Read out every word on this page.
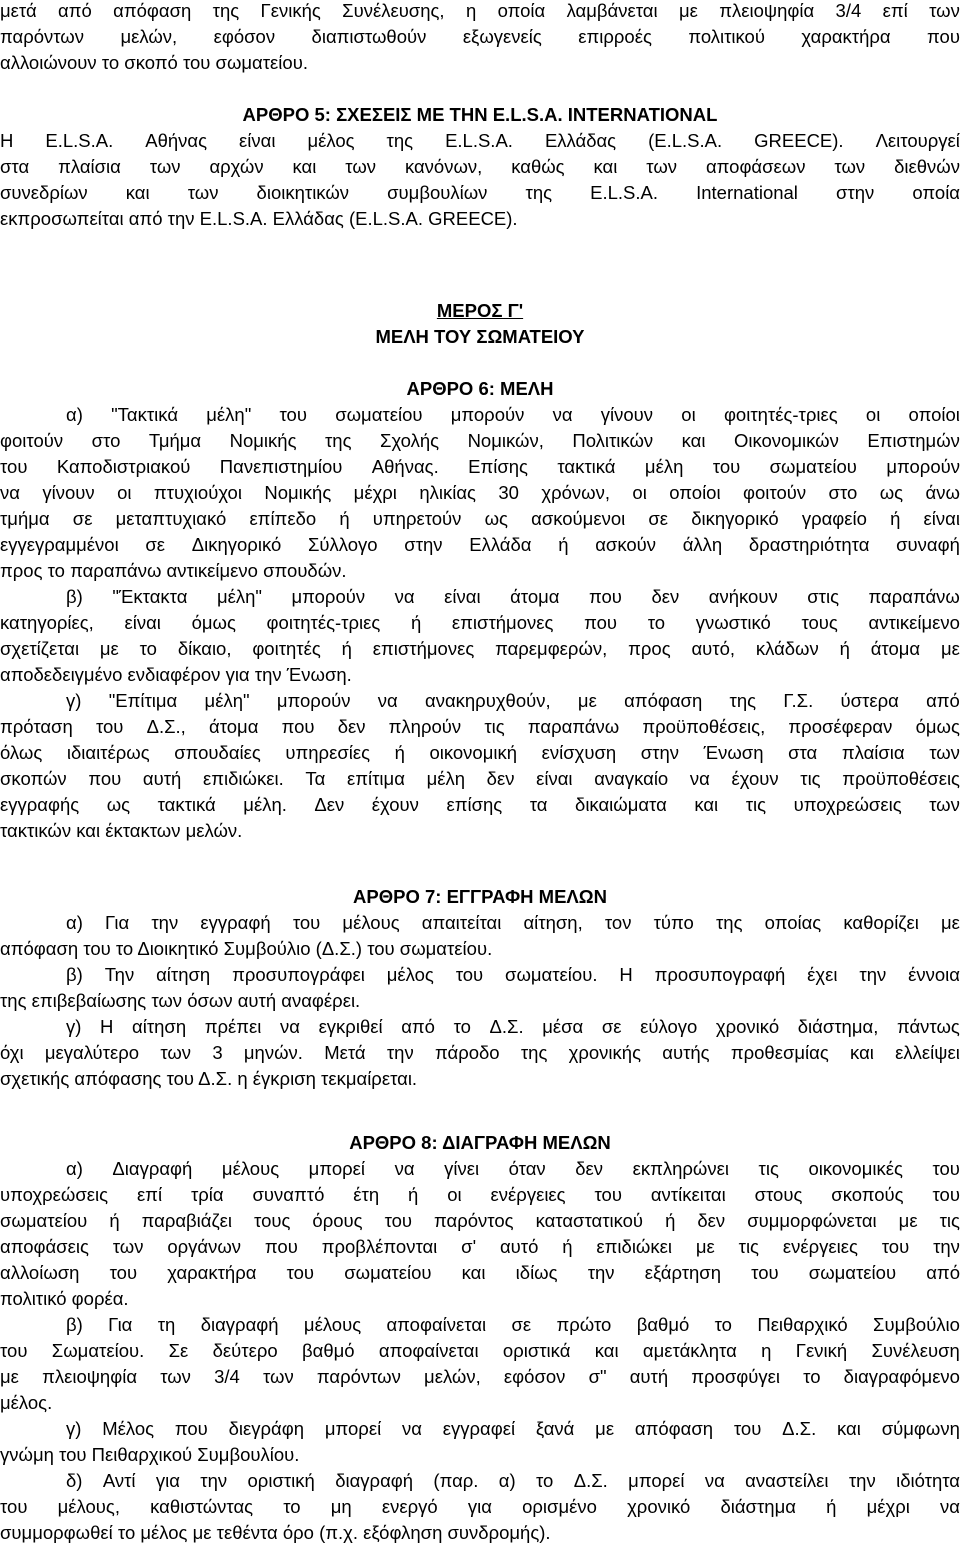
μετά από απόφαση της Γενικής Συνέλευσης, η οποία λαμβάνεται με πλειοψηφία 3/4 επί των
παρόντων μελών, εφόσον διαπιστωθούν εξωγενείς επιρροές πολιτικού χαρακτήρα που
αλλοιώνουν το σκοπό του σωματείου.
ΑΡΘΡΟ 5: ΣΧΕΣΕΙΣ ΜΕ ΤΗΝ E.L.S.A. INTERNATIONAL
Η E.L.S.A. Αθήνας είναι μέλος της E.L.S.A. Ελλάδας (E.L.S.A. GREECE). Λειτουργεί
στα πλαίσια των αρχών και των κανόνων, καθώς και των αποφάσεων των διεθνών
συνεδρίων και των διοικητικών συμβουλίων της E.L.S.A. International στην οποία
εκπροσωπείται από την E.L.S.A. Ελλάδας (E.L.S.A. GREECE).
ΜΕΡΟΣ Γ'
ΜΕΛΗ ΤΟΥ ΣΩΜΑΤΕΙΟΥ
ΑΡΘΡΟ 6: ΜΕΛΗ
α) "Τακτικά μέλη" του σωματείου μπορούν να γίνουν οι φοιτητές-τριες οι οποίοι
φοιτούν στο Τμήμα Νομικής της Σχολής Νομικών, Πολιτικών και Οικονομικών Επιστημών
του Καποδιστριακού Πανεπιστημίου Αθήνας. Επίσης τακτικά μέλη του σωματείου μπορούν
να γίνουν οι πτυχιούχοι Νομικής μέχρι ηλικίας 30 χρόνων, οι οποίοι φοιτούν στο ως άνω
τμήμα σε μεταπτυχιακό επίπεδο ή υπηρετούν ως ασκούμενοι σε δικηγορικό γραφείο ή είναι
εγγεγραμμένοι σε Δικηγορικό Σύλλογο στην Ελλάδα ή ασκούν άλλη δραστηριότητα συναφή
προς το παραπάνω αντικείμενο σπουδών.
β) "Έκτακτα μέλη" μπορούν να είναι άτομα που δεν ανήκουν στις παραπάνω
κατηγορίες, είναι όμως φοιτητές-τριες ή επιστήμονες που το γνωστικό τους αντικείμενο
σχετίζεται με το δίκαιο, φοιτητές ή επιστήμονες παρεμφερών, προς αυτό, κλάδων ή άτομα με
αποδεδειγμένο ενδιαφέρον για την Ένωση.
γ) "Επίτιμα μέλη" μπορούν να ανακηρυχθούν, με απόφαση της Γ.Σ. ύστερα από
πρόταση του Δ.Σ., άτομα που δεν πληρούν τις παραπάνω προϋποθέσεις, προσέφεραν όμως
όλως ιδιαιτέρως σπουδαίες υπηρεσίες ή οικονομική ενίσχυση στην Ένωση στα πλαίσια των
σκοπών που αυτή επιδιώκει. Τα επίτιμα μέλη δεν είναι αναγκαίο να έχουν τις προϋποθέσεις
εγγραφής ως τακτικά μέλη. Δεν έχουν επίσης τα δικαιώματα και τις υποχρεώσεις των
τακτικών και έκτακτων μελών.
ΑΡΘΡΟ 7: ΕΓΓΡΑΦΗ ΜΕΛΩΝ
α) Για την εγγραφή του μέλους απαιτείται αίτηση, τον τύπο της οποίας καθορίζει με
απόφαση του το Διοικητικό Συμβούλιο (Δ.Σ.) του σωματείου.
β) Την αίτηση προσυπογράφει μέλος του σωματείου. Η προσυπογραφή έχει την έννοια
της επιβεβαίωσης των όσων αυτή αναφέρει.
γ) Η αίτηση πρέπει να εγκριθεί από το Δ.Σ. μέσα σε εύλογο χρονικό διάστημα, πάντως
όχι μεγαλύτερο των 3 μηνών. Μετά την πάροδο της χρονικής αυτής προθεσμίας και ελλείψει
σχετικής απόφασης του Δ.Σ. η έγκριση τεκμαίρεται.
ΑΡΘΡΟ 8: ΔΙΑΓΡΑΦΗ ΜΕΛΩΝ
α) Διαγραφή μέλους μπορεί να γίνει όταν δεν εκπληρώνει τις οικονομικές του
υποχρεώσεις επί τρία συναπτό έτη ή οι ενέργειες του αντίκειται στους σκοπούς του
σωματείου ή παραβιάζει τους όρους του παρόντος καταστατικού ή δεν συμμορφώνεται με τις
αποφάσεις των οργάνων που προβλέπονται σ' αυτό ή επιδιώκει με τις ενέργειες του την
αλλοίωση του χαρακτήρα του σωματείου και ιδίως την εξάρτηση του σωματείου από
πολιτικό φορέα.
β) Για τη διαγραφή μέλους αποφαίνεται σε πρώτο βαθμό το Πειθαρχικό Συμβούλιο
του Σωματείου. Σε δεύτερο βαθμό αποφαίνεται οριστικά και αμετάκλητα η Γενική Συνέλευση
με πλειοψηφία των 3/4 των παρόντων μελών, εφόσον σ" αυτή προσφύγει το διαγραφόμενο
μέλος.
γ) Μέλος που διεγράφη μπορεί να εγγραφεί ξανά με απόφαση του Δ.Σ. και σύμφωνη
γνώμη του Πειθαρχικού Συμβουλίου.
δ) Αντί για την οριστική διαγραφή (παρ. α) το Δ.Σ. μπορεί να αναστείλει την ιδιότητα
του μέλους, καθιστώντας το μη ενεργό για ορισμένο χρονικό διάστημα ή μέχρι να
συμμορφωθεί το μέλος με τεθέντα όρο (π.χ. εξόφληση συνδρομής).
